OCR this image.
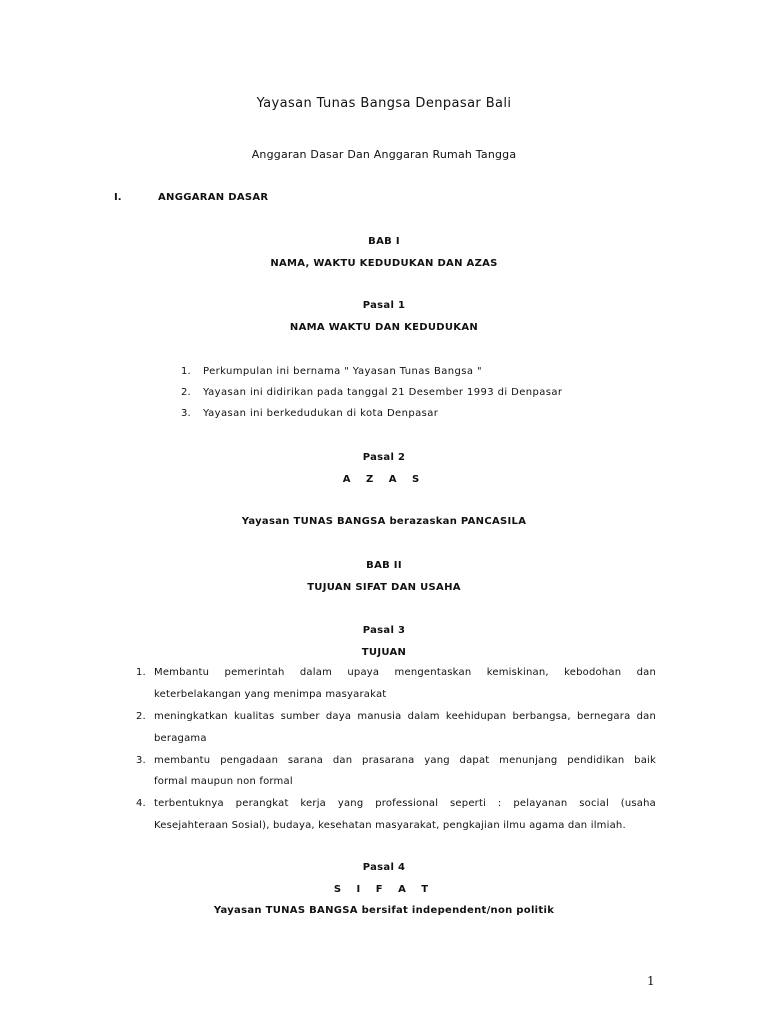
Yayasan Tunas Bangsa Denpasar Bali
Anggaran Dasar Dan Anggaran Rumah Tangga
I.	ANGGARAN DASAR
BAB I
NAMA, WAKTU KEDUDUKAN DAN AZAS
Pasal 1
NAMA WAKTU DAN KEDUDUKAN
1. Perkumpulan ini bernama " Yayasan Tunas Bangsa "
2. Yayasan ini didirikan pada tanggal 21 Desember 1993 di Denpasar
3. Yayasan ini berkedudukan di kota Denpasar
Pasal 2
A Z A S
Yayasan TUNAS BANGSA berazaskan PANCASILA
BAB II
TUJUAN SIFAT DAN USAHA
Pasal 3
TUJUAN
1. Membantu pemerintah dalam upaya mengentaskan kemiskinan, kebodohan dan
keterbelakangan yang menimpa masyarakat
2. meningkatkan kualitas sumber daya manusia dalam keehidupan berbangsa, bernegara dan
beragama
3. membantu pengadaan sarana dan prasarana yang dapat menunjang pendidikan baik
formal maupun non formal
4. terbentuknya perangkat kerja yang professional seperti : pelayanan social (usaha
Kesejahteraan Sosial), budaya, kesehatan masyarakat, pengkajian ilmu agama dan ilmiah.
Pasal 4
S I F A T
Yayasan TUNAS BANGSA bersifat independent/non politik
1
